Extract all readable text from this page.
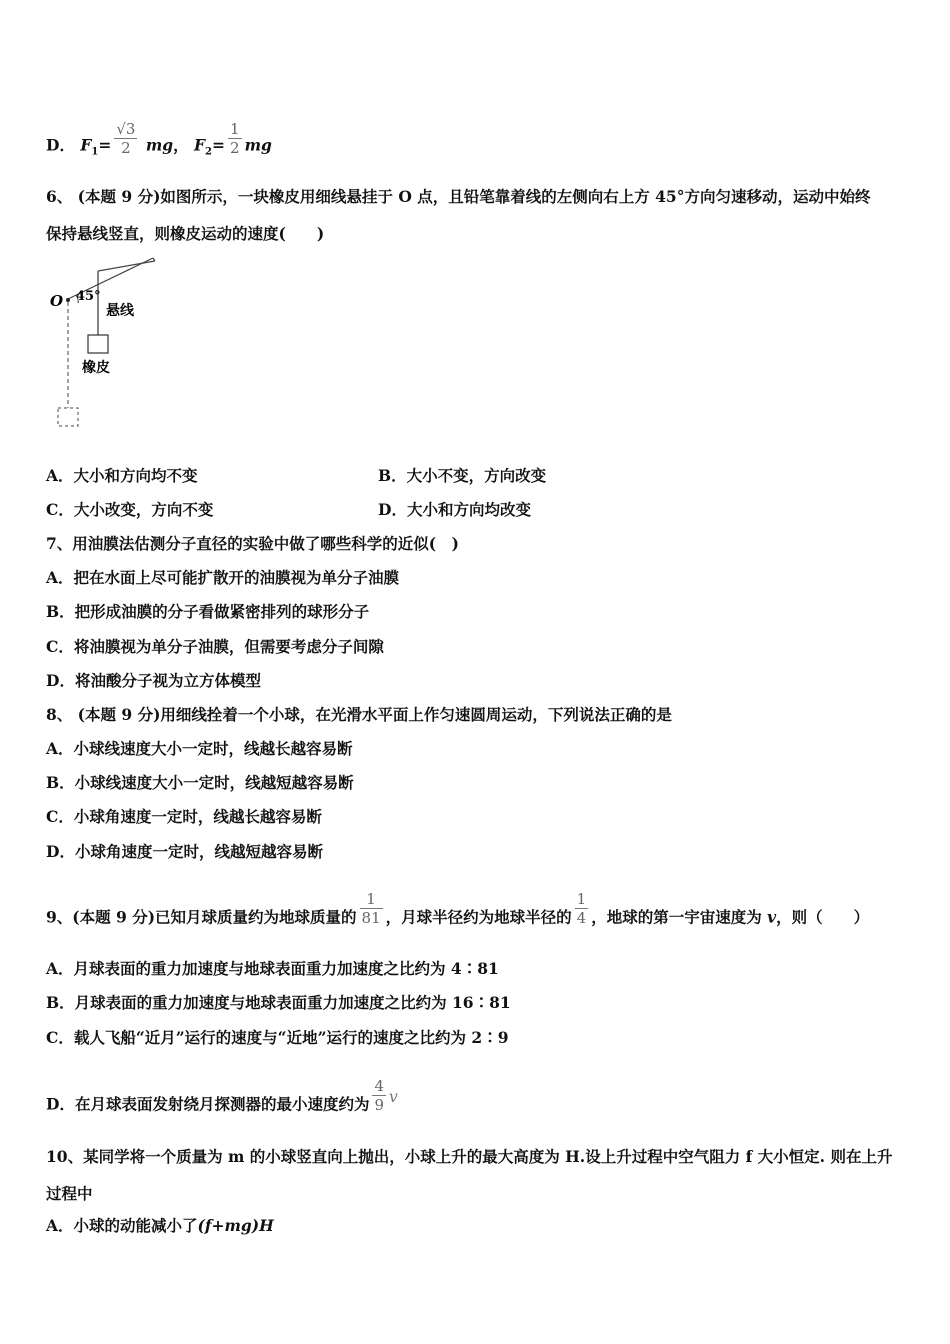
D． $F_1= \frac{√3}{2}$ mg， $F_2= \frac{1}{2}$ mg
6、 (本题 9 分)如图所示，一块橡皮用细线悬挂于 O 点，且铅笔靠着线的左侧向右上方 45°方向匀速移动，运动中始终
保持悬线竖直，则橡皮运动的速度(　　)
O 45°
悬线
橡皮
A．大小和方向均不变	B．大小不变，方向改变
C．大小改变，方向不变	D．大小和方向均改变
7、用油膜法估测分子直径的实验中做了哪些科学的近似(　)
A．把在水面上尽可能扩散开的油膜视为单分子油膜
B．把形成油膜的分子看做紧密排列的球形分子
C．将油膜视为单分子油膜，但需要考虑分子间隙
D．将油酸分子视为立方体模型
8、 (本题 9 分)用细线拴着一个小球，在光滑水平面上作匀速圆周运动，下列说法正确的是
A．小球线速度大小一定时，线越长越容易断
B．小球线速度大小一定时，线越短越容易断
C．小球角速度一定时，线越长越容易断
D．小球角速度一定时，线越短越容易断
9、(本题 9 分)已知月球质量约为地球质量的 $\frac{1}{81}$ ，月球半径约为地球半径的 $\frac{1}{4}$ ，地球的第一宇宙速度为 v，则（　　）
A．月球表面的重力加速度与地球表面重力加速度之比约为 4∶81
B．月球表面的重力加速度与地球表面重力加速度之比约为 16∶81
C．载人飞船“近月”运行的速度与“近地”运行的速度之比约为 2∶9
D．在月球表面发射绕月探测器的最小速度约为 $\frac{4}{9}$ v
10、某同学将一个质量为 m 的小球竖直向上抛出，小球上升的最大高度为 H.设上升过程中空气阻力 f 大小恒定. 则在上升过程中
A．小球的动能减小了(f+mg)H
